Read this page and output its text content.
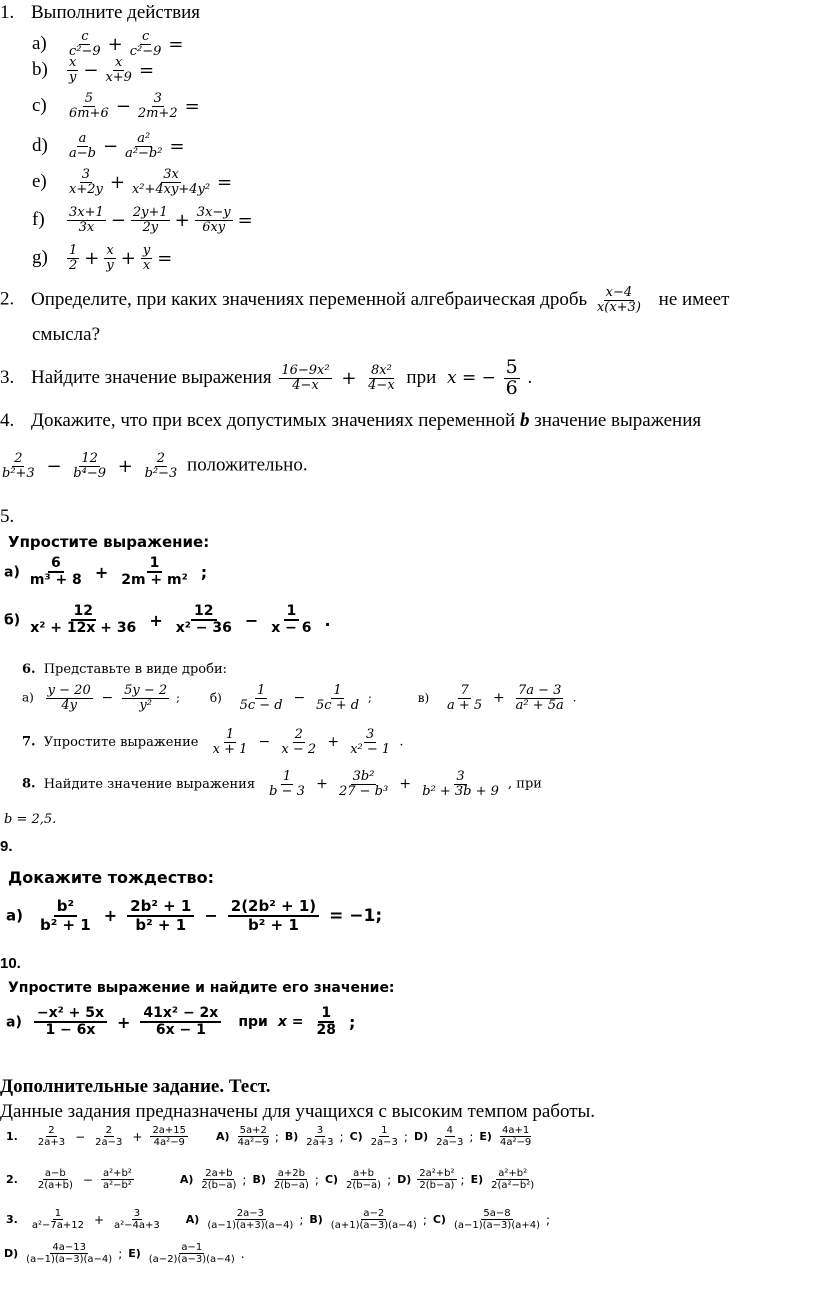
1. Выполните действия
$а) \frac{c}{\text{c²−9}} + \frac{c}{\text{c²−9}}$ =
$b) \frac{x}{y} - \frac{x}{x+9}$ =
$c) \frac{5}{6m+6} - \frac{3}{2m+2}$ =
$d) \frac{a}{a-b} - \frac{\text{a²}}{\text{a²−b²}}$ =
$e) \frac{3}{x+2y} + \frac{3x}{\text{x²+4xy+4y²}}$ =
$f) \frac{3x+1}{3x} - \frac{2y+1}{2y} + \frac{3x-y}{6xy}$ =
$g) \frac{1}{2} + \frac{x}{y} + \frac{y}{x}$ =
2. Определите, при каких значениях переменной алгебраическая дробь $\frac{x-4}{x(x+3)}$ не имеет
смысла?
3. Найдите значение выражения $\frac{\text{16−9x²}}{4-x} + \frac{\text{8x²}}{4-x}$ при x = − $\frac{5}{6}$ .
4. Докажите, что при всех допустимых значениях переменной b значение выражения
$\frac{2}{\text{b²+3}} - \frac{12}{\text{b⁴−9}} + \frac{2}{\text{b²−3}}$ положительно.
5.
Упростите выражение:
$а) \frac{6}{\text{m³ + 8}} + \frac{1}{\text{2m + m²}}$ ;
$б) \frac{12}{\text{x² + 12x + 36}} + \frac{12}{\text{x² − 36}} - \frac{1}{x - 6}$ .
6. Представьте в виде дроби:
$а) \frac{y - 20}{4y} - \frac{5y - 2}{\text{y²}}$ ; $б) \frac{1}{5c - d} - \frac{1}{5c + d}$ ;	$в) \frac{7}{a + 5} + \frac{7a - 3}{\text{a² + 5a}}$ .
7. Упростите выражение $\frac{1}{x + 1} - \frac{2}{x - 2} + \frac{3}{\text{x² − 1}}$ .
8. Найдите значение выражения $\frac{1}{b - 3} + \frac{\text{3b²}}{\text{27 − b³}} + \frac{3}{\text{b² + 3b + 9}}$ , при
b = 2,5.
9.
Докажите тождество:
$а) \frac{\text{b²}}{\text{b² + 1}} + \frac{\text{2b² + 1}}{\text{b² + 1}} - \frac{\text{2(2b² + 1)}}{\text{b² + 1}} = -1$;
10.
Упростите выражение и найдите его значение:
$а) \frac{\text{−x² + 5x}}{1 - 6x} + \frac{\text{41x² − 2x}}{6x - 1}$ при $x = \frac{1}{28}$ ;
Дополнительные задание. Тест.
Данные задания предназначены для учащихся с высоким темпом работы.
1. $\frac{2}{2a+3} - \frac{2}{2a-3} + \frac{2a+15}{\text{4a²−9}}$	$A) \frac{5a+2}{\text{4a²−9}}$ ; $B) \frac{3}{2a+3}$ ; $C) \frac{1}{2a-3}$ ; $D) \frac{4}{2a-3}$ ; $E) \frac{4a+1}{\text{4a²−9}}$
2. $\frac{a-b}{2(a+b)} - \frac{\text{a²+b²}}{\text{a²−b²}}$	$A) \frac{2a+b}{2(b-a)}$ ; $B) \frac{a+2b}{2(b-a)}$ ; $C) \frac{a+b}{2(b-a)}$ ; $D) \frac{\text{2a²+b²}}{2(b-a)}$ ; $E) \frac{\text{a²+b²}}{\text{2(a²−b²)}}$
3. $\frac{1}{\text{a²−7a+12}} + \frac{3}{\text{a²−4a+3}} A) \frac{2a-3}{(a-1)(a+3)(a-4)}$ ; $B) \frac{a-2}{(a+1)(a-3)(a-4)}$ ; $C) \frac{5a-8}{(a-1)(a-3)(a+4)}$ ;
$D) \frac{4a-13}{(a-1)(a-3)(a-4)}$ ; $E) \frac{a-1}{(a-2)(a-3)(a-4)}$ .
